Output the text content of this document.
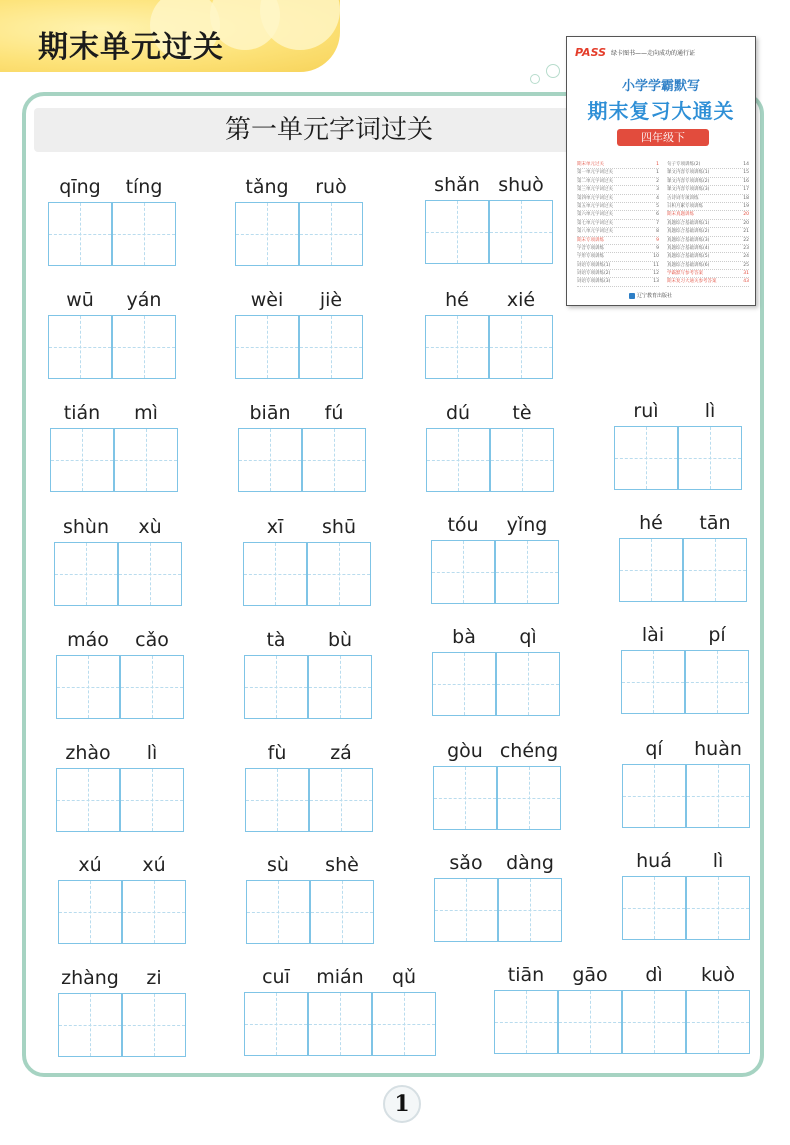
期末单元过关
第一单元字词过关
qīng	tíng	tǎng	ruò	shǎn shuò
wū	yán	wèi	jiè	hé	xié
tián	mì	biān	fú	dú	tè	ruì	lì
shùn	xù	xī	shū	tóu	yǐng	hé	tān
máo	cǎo	tà	bù	bà	qì	lài	pí
zhào	lì	fù	zá	gòu chéng	qí	huàn
xú	xú	sù	shè	sǎo	dàng	huá	lì
zhàng	zi	cuī	mián	qǔ	tiān	gāo	dì	kuò
PASS 绿卡图书——走向成功的通行证
小学学霸默写
期末复习大通关
四年级下
期末单元过关	1
第一单元字词过关	1
第二单元字词过关	2
第三单元字词过关	3
第四单元字词过关	4
第五单元字词过关	5
第六单元字词过关	6
第七单元字词过关	7
第八单元字词过关	8
期末专项训练	9
字音专项训练	9
字形专项训练	10
词语专项训练(1)	11
词语专项训练(2)	12
词语专项训练(3)	13
句子专项训练(2)	14
课文内容专项训练(1)	15
课文内容专项训练(2)	16
课文内容专项训练(3)	17
古诗词专项训练	18
日积月累专项训练	19
期末真题训练	20
真题综合基础训练(1)	20
真题综合基础训练(2)	21
真题综合基础训练(3)	22
真题综合基础训练(4)	23
真题综合基础训练(5)	24
真题综合基础训练(6)	25
学霸默写参考答案	31
期末复习大通关参考答案	43
辽宁教育出版社
1
